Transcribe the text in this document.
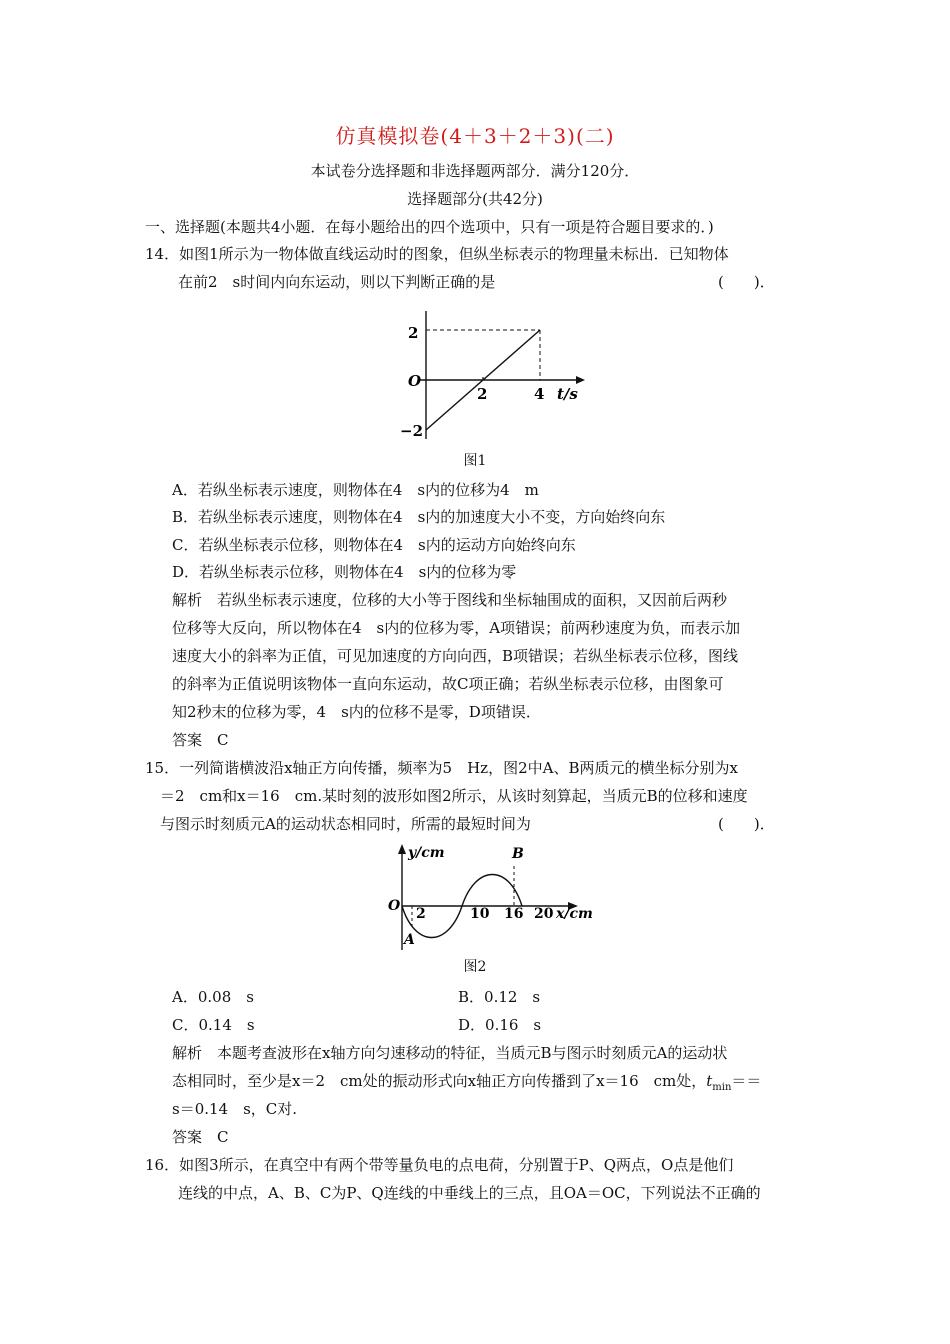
仿真模拟卷(4＋3＋2＋3)(二)
本试卷分选择题和非选择题两部分．满分120分．
选择题部分(共42分)
一、选择题(本题共4小题．在每小题给出的四个选项中，只有一项是符合题目要求的．)
14．如图1所示为一物体做直线运动时的图象，但纵坐标表示的物理量未标出．已知物体
在前2　s时间内向东运动，则以下判断正确的是	(　　)．
2
O
2	4 t/s
−2
图1
A．若纵坐标表示速度，则物体在4　s内的位移为4　m
B．若纵坐标表示速度，则物体在4　s内的加速度大小不变，方向始终向东
C．若纵坐标表示位移，则物体在4　s内的运动方向始终向东
D．若纵坐标表示位移，则物体在4　s内的位移为零
解析　若纵坐标表示速度，位移的大小等于图线和坐标轴围成的面积，又因前后两秒
位移等大反向，所以物体在4　s内的位移为零，A项错误；前两秒速度为负，而表示加
速度大小的斜率为正值，可见加速度的方向向西，B项错误；若纵坐标表示位移，图线
的斜率为正值说明该物体一直向东运动，故C项正确；若纵坐标表示位移，由图象可
知2秒末的位移为零，4　s内的位移不是零，D项错误．
答案　C
15．一列简谐横波沿x轴正方向传播，频率为5　Hz，图2中A、B两质元的横坐标分别为x
＝2　cm和x＝16　cm.某时刻的波形如图2所示，从该时刻算起，当质元B的位移和速度
与图示时刻质元A的运动状态相同时，所需的最短时间为	(　　)．
y/cm	B
O 2	10 16 20 x/cm
A
图2
A．0.08　s	B．0.12　s
C．0.14　s	D．0.16　s
解析　本题考查波形在x轴方向匀速移动的特征，当质元B与图示时刻质元A的运动状
态相同时，至少是x＝2　cm处的振动形式向x轴正方向传播到了x＝16　cm处，$t_{min}==$
s＝0.14　s，C对.
答案　C
16．如图3所示，在真空中有两个带等量负电的点电荷，分别置于P、Q两点，O点是他们
连线的中点，A、B、C为P、Q连线的中垂线上的三点，且OA＝OC，下列说法不正确的
